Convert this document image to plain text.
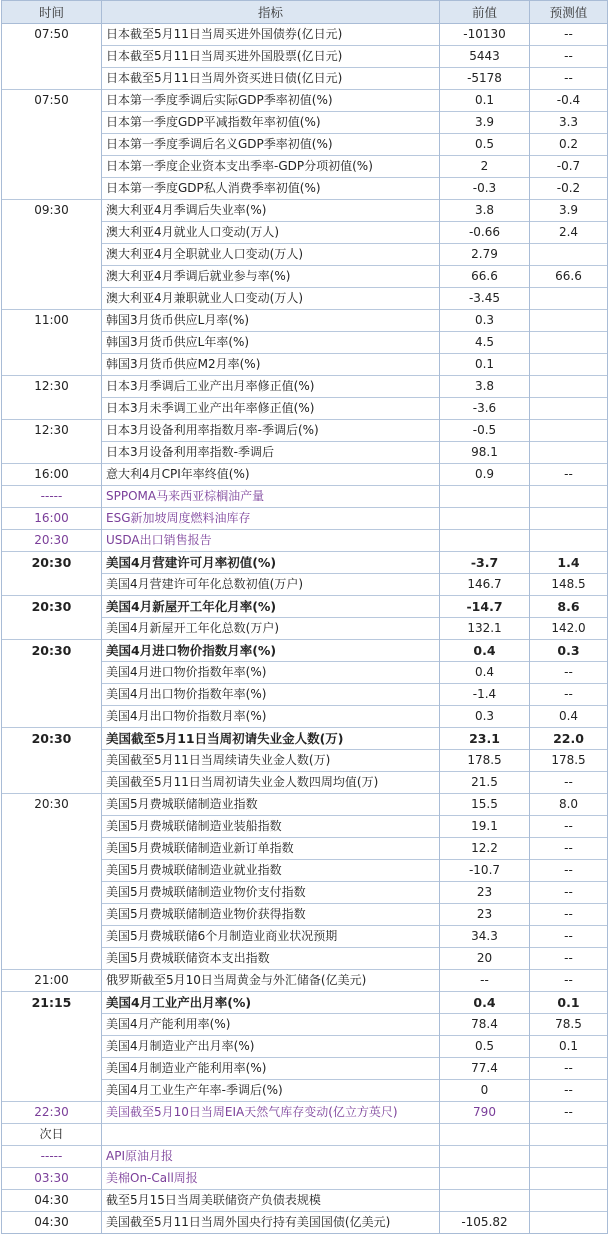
时间	指标	前值	预测值
07:50	日本截至5月11日当周买进外国债券(亿日元)	-10130	--
	日本截至5月11日当周买进外国股票(亿日元)	5443	--
	日本截至5月11日当周外资买进日债(亿日元)	-5178	--
07:50	日本第一季度季调后实际GDP季率初值(%)	0.1	-0.4
	日本第一季度GDP平减指数年率初值(%)	3.9	3.3
	日本第一季度季调后名义GDP季率初值(%)	0.5	0.2
	日本第一季度企业资本支出季率-GDP分项初值(%)	2	-0.7
	日本第一季度GDP私人消费季率初值(%)	-0.3	-0.2
09:30	澳大利亚4月季调后失业率(%)	3.8	3.9
	澳大利亚4月就业人口变动(万人)	-0.66	2.4
	澳大利亚4月全职就业人口变动(万人)	2.79	
	澳大利亚4月季调后就业参与率(%)	66.6	66.6
	澳大利亚4月兼职就业人口变动(万人)	-3.45	
11:00	韩国3月货币供应L月率(%)	0.3	
	韩国3月货币供应L年率(%)	4.5	
	韩国3月货币供应M2月率(%)	0.1	
12:30	日本3月季调后工业产出月率修正值(%)	3.8	
	日本3月未季调工业产出年率修正值(%)	-3.6	
12:30	日本3月设备利用率指数月率-季调后(%)	-0.5	
	日本3月设备利用率指数-季调后	98.1	
16:00	意大利4月CPI年率终值(%)	0.9	--
-----	SPPOMA马来西亚棕榈油产量		
16:00	ESG新加坡周度燃料油库存		
20:30	USDA出口销售报告		
20:30	美国4月营建许可月率初值(%)	-3.7	1.4
	美国4月营建许可年化总数初值(万户)	146.7	148.5
20:30	美国4月新屋开工年化月率(%)	-14.7	8.6
	美国4月新屋开工年化总数(万户)	132.1	142.0
20:30	美国4月进口物价指数月率(%)	0.4	0.3
	美国4月进口物价指数年率(%)	0.4	--
	美国4月出口物价指数年率(%)	-1.4	--
	美国4月出口物价指数月率(%)	0.3	0.4
20:30	美国截至5月11日当周初请失业金人数(万)	23.1	22.0
	美国截至5月11日当周续请失业金人数(万)	178.5	178.5
	美国截至5月11日当周初请失业金人数四周均值(万)	21.5	--
20:30	美国5月费城联储制造业指数	15.5	8.0
	美国5月费城联储制造业装船指数	19.1	--
	美国5月费城联储制造业新订单指数	12.2	--
	美国5月费城联储制造业就业指数	-10.7	--
	美国5月费城联储制造业物价支付指数	23	--
	美国5月费城联储制造业物价获得指数	23	--
	美国5月费城联储6个月制造业商业状况预期	34.3	--
	美国5月费城联储资本支出指数	20	--
21:00	俄罗斯截至5月10日当周黄金与外汇储备(亿美元)	--	--
21:15	美国4月工业产出月率(%)	0.4	0.1
	美国4月产能利用率(%)	78.4	78.5
	美国4月制造业产出月率(%)	0.5	0.1
	美国4月制造业产能利用率(%)	77.4	--
	美国4月工业生产年率-季调后(%)	0	--
22:30	美国截至5月10日当周EIA天然气库存变动(亿立方英尺)	790	--
次日			
-----	API原油月报		
03:30	美棉On-Call周报		
04:30	截至5月15日当周美联储资产负债表规模		
04:30	美国截至5月11日当周外国央行持有美国国债(亿美元)	-105.82	
